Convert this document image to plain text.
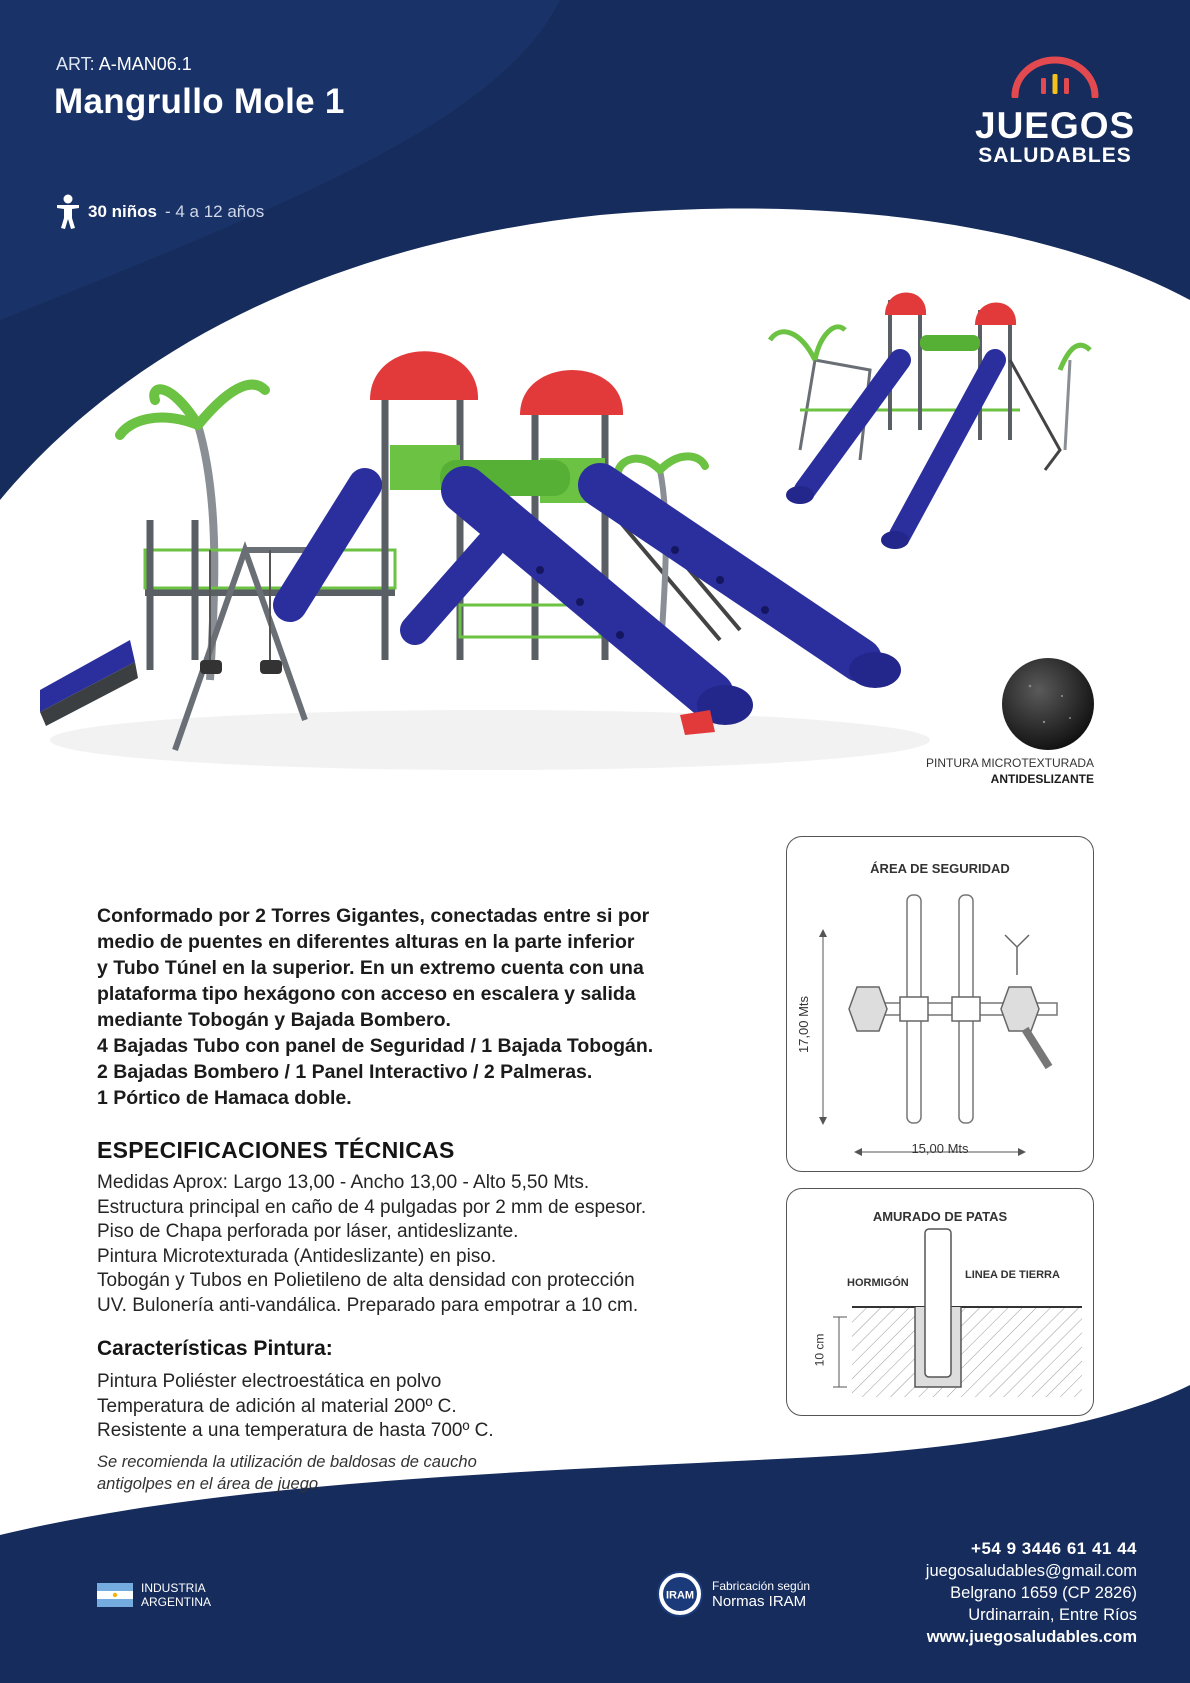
ART: A-MAN06.1
Mangrullo Mole 1
30 niños - 4 a 12 años
JUEGOS
SALUDABLES
PINTURA MICROTEXTURADA
ANTIDESLIZANTE
Conformado por 2 Torres Gigantes, conectadas entre si por
medio de puentes en diferentes alturas en la parte inferior
y Tubo Túnel en la superior. En un extremo cuenta con una
plataforma tipo hexágono con acceso en escalera y salida
mediante Tobogán y Bajada Bombero.
4 Bajadas Tubo con panel de Seguridad / 1 Bajada Tobogán.
2 Bajadas Bombero / 1 Panel Interactivo / 2 Palmeras.
1 Pórtico de Hamaca doble.
ESPECIFICACIONES TÉCNICAS
Medidas Aprox: Largo 13,00 - Ancho 13,00 - Alto 5,50 Mts.
Estructura principal en caño de 4 pulgadas por 2 mm de espesor.
Piso de Chapa perforada por láser, antideslizante.
Pintura Microtexturada (Antideslizante) en piso.
Tobogán y Tubos en Polietileno de alta densidad con protección
UV. Bulonería anti-vandálica. Preparado para empotrar a 10 cm.
Características Pintura:
Pintura Poliéster electroestática en polvo
Temperatura de adición al material 200º C.
Resistente a una temperatura de hasta 700º C.
Se recomienda la utilización de baldosas de caucho
antigolpes en el área de juego.
ÁREA DE SEGURIDAD
17,00 Mts
15,00 Mts
AMURADO DE PATAS
HORMIGÓN
LINEA DE TIERRA
10 cm
+54 9 3446 61 41 44
juegosaludables@gmail.com
Belgrano 1659 (CP 2826)
Urdinarrain, Entre Ríos
www.juegosaludables.com
INDUSTRIA
ARGENTINA	IRAM
Fabricación según
Normas IRAM
